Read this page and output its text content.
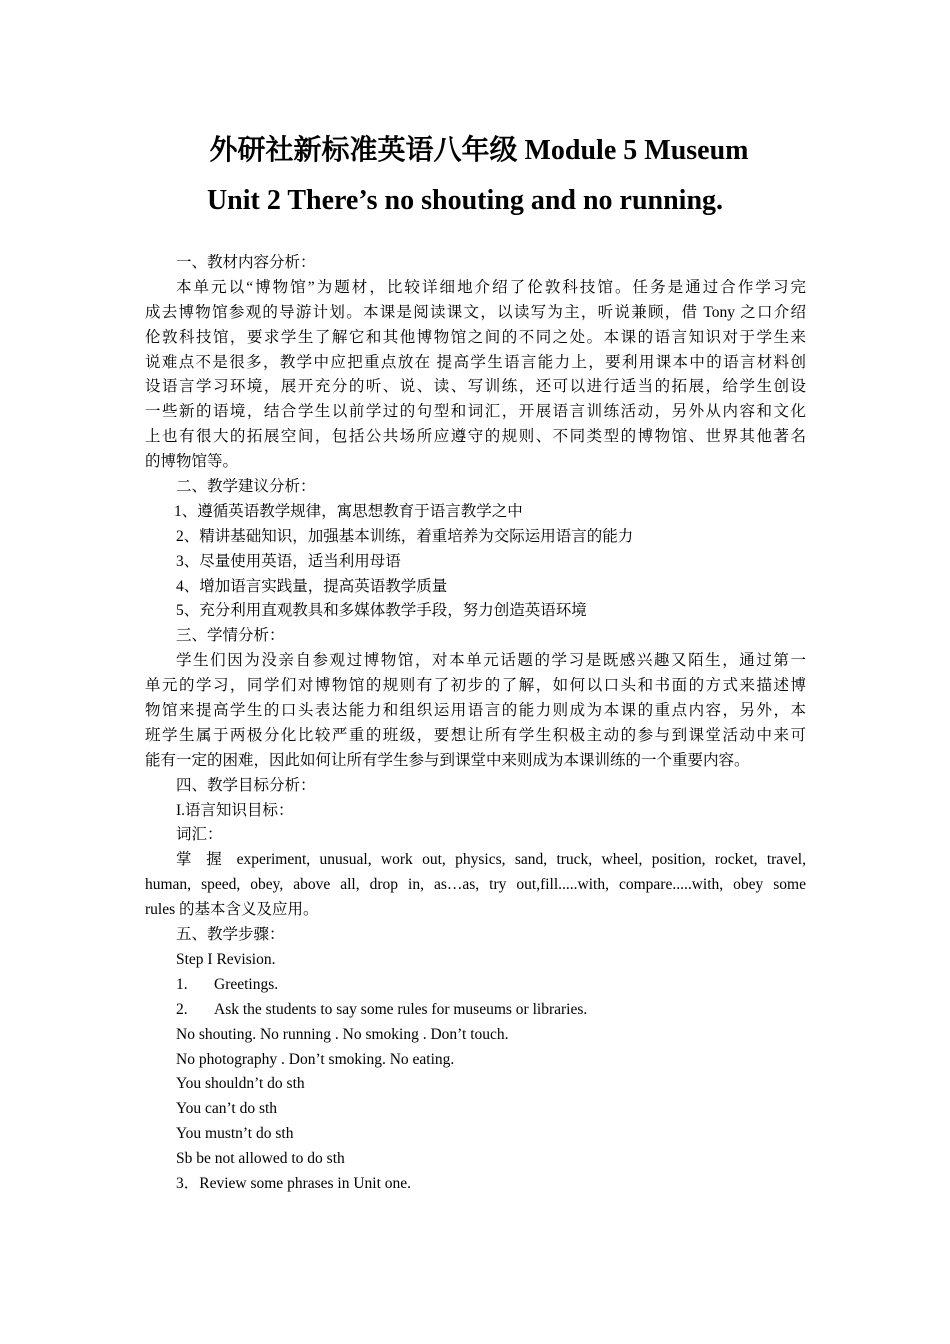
外研社新标准英语八年级 Module 5 Museum
Unit 2 There’s no shouting and no running.
一、教材内容分析：
本单元以“博物馆”为题材，比较详细地介绍了伦敦科技馆。任务是通过合作学习完
成去博物馆参观的导游计划。本课是阅读课文，以读写为主，听说兼顾，借 Tony 之口介绍
伦敦科技馆，要求学生了解它和其他博物馆之间的不同之处。本课的语言知识对于学生来
说难点不是很多，教学中应把重点放在 提高学生语言能力上，要利用课本中的语言材料创
设语言学习环境，展开充分的听、说、读、写训练，还可以进行适当的拓展，给学生创设
一些新的语境，结合学生以前学过的句型和词汇，开展语言训练活动，另外从内容和文化
上也有很大的拓展空间，包括公共场所应遵守的规则、不同类型的博物馆、世界其他著名
的博物馆等。
二、教学建议分析：
1、遵循英语教学规律，寓思想教育于语言教学之中
2、精讲基础知识，加强基本训练，着重培养为交际运用语言的能力
3、尽量使用英语，适当利用母语
4、增加语言实践量，提高英语教学质量
5、充分利用直观教具和多媒体教学手段，努力创造英语环境
三、学情分析：
学生们因为没亲自参观过博物馆，对本单元话题的学习是既感兴趣又陌生，通过第一
单元的学习，同学们对博物馆的规则有了初步的了解，如何以口头和书面的方式来描述博
物馆来提高学生的口头表达能力和组织运用语言的能力则成为本课的重点内容，另外，本
班学生属于两极分化比较严重的班级，要想让所有学生积极主动的参与到课堂活动中来可
能有一定的困难，因此如何让所有学生参与到课堂中来则成为本课训练的一个重要内容。
四、教学目标分析：
I.语言知识目标：
词汇：
掌 握 experiment, unusual, work out, physics, sand, truck, wheel, position, rocket, travel,
human, speed, obey, above all, drop in, as…as, try out,fill.....with, compare.....with, obey some
rules 的基本含义及应用。
五、教学步骤：
Step I Revision.
1. Greetings.
2. Ask the students to say some rules for museums or libraries.
No shouting. No running . No smoking . Don’t touch.
No photography . Don’t smoking. No eating.
You shouldn’t do sth
You can’t do sth
You mustn’t do sth
Sb be not allowed to do sth
3．Review some phrases in Unit one.
